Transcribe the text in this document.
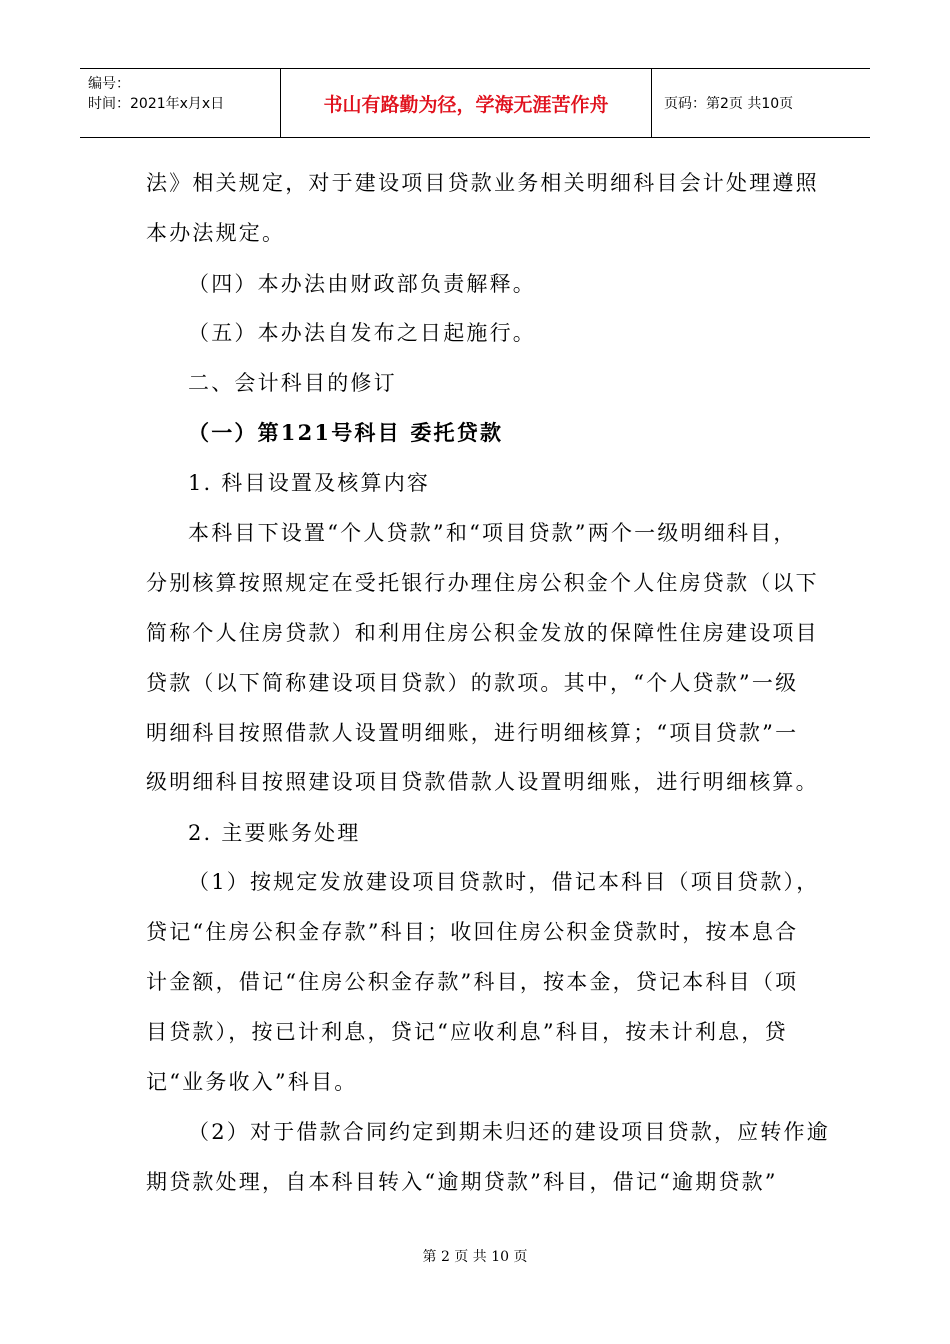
编号：
时间：2021年x月x日	书山有路勤为径，学海无涯苦作舟	页码：第2页 共10页
法》相关规定，对于建设项目贷款业务相关明细科目会计处理遵照
本办法规定。
（四）本办法由财政部负责解释。
（五）本办法自发布之日起施行。
二、会计科目的修订
（一）第121号科目 委托贷款
1. 科目设置及核算内容
本科目下设置“个人贷款”和“项目贷款”两个一级明细科目，
分别核算按照规定在受托银行办理住房公积金个人住房贷款（以下
简称个人住房贷款）和利用住房公积金发放的保障性住房建设项目
贷款（以下简称建设项目贷款）的款项。其中，“个人贷款”一级
明细科目按照借款人设置明细账，进行明细核算；“项目贷款”一
级明细科目按照建设项目贷款借款人设置明细账，进行明细核算。
2. 主要账务处理
（1）按规定发放建设项目贷款时，借记本科目（项目贷款），
贷记“住房公积金存款”科目；收回住房公积金贷款时，按本息合
计金额，借记“住房公积金存款”科目，按本金，贷记本科目（项
目贷款），按已计利息，贷记“应收利息”科目，按未计利息，贷
记“业务收入”科目。
（2）对于借款合同约定到期未归还的建设项目贷款，应转作逾
期贷款处理，自本科目转入“逾期贷款”科目，借记“逾期贷款”
第 2 页 共 10 页
